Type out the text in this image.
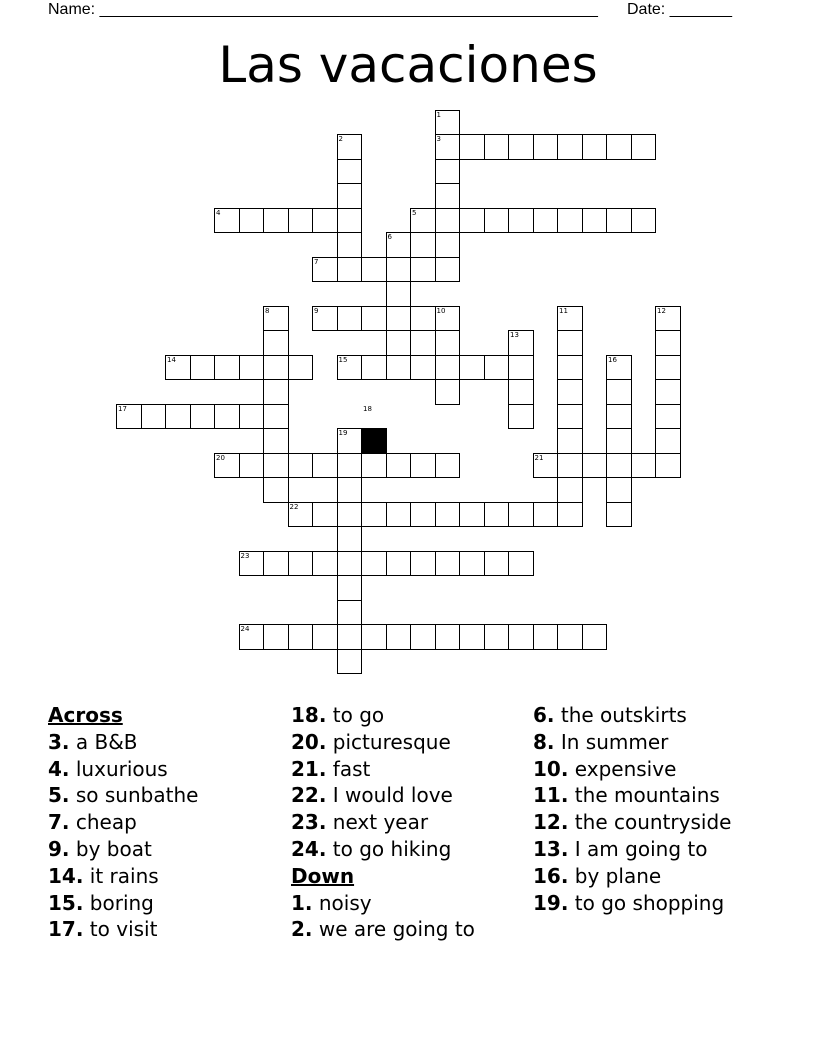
Name: ________________________________________________________ Date: _______
Las vacaciones
1
2	3
4	5
6
7
8	9	10	11	12
13
14	15	16
17	18
19
20	21
22
23
24
Across
3. a B&B
4. luxurious
5. so sunbathe
7. cheap
9. by boat
14. it rains
15. boring
17. to visit
18. to go
20. picturesque
21. fast
22. I would love
23. next year
24. to go hiking
Down
1. noisy
2. we are going to
6. the outskirts
8. In summer
10. expensive
11. the mountains
12. the countryside
13. I am going to
16. by plane
19. to go shopping
